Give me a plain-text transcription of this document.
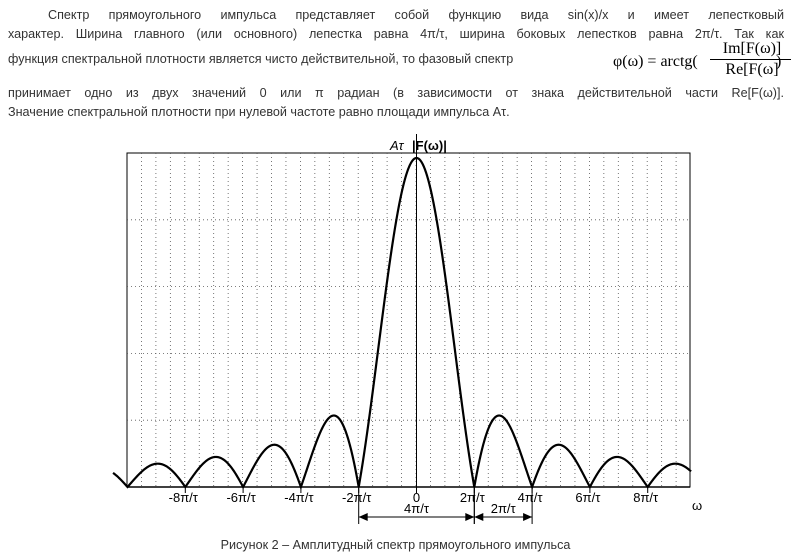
Спектр прямоугольного импульса представляет собой функцию вида sin(x)/x и имеет лепестковый
характер. Ширина главного (или основного) лепестка равна 4π/τ, ширина боковых лепестков равна 2π/τ. Так как
функция спектральной плотности является чисто действительной, то фазовый спектр	φ(ω) = arctg( $\frac{Im[F(\omega)]}{Re[F(\omega]}$
)
принимает одно из двух значений 0 или π радиан (в зависимости от знака действительной части Re[F(ω)].
Значение спектральной плотности при нулевой частоте равно площади импульса Aτ.
-8π/τ -6π/τ -4π/τ -2π/τ	0	2π/τ	4π/τ	6π/τ	8π/τ
Aτ |F(ω)|
ω
4π/τ	2π/τ
Рисунок 2 – Амплитудный спектр прямоугольного импульса
